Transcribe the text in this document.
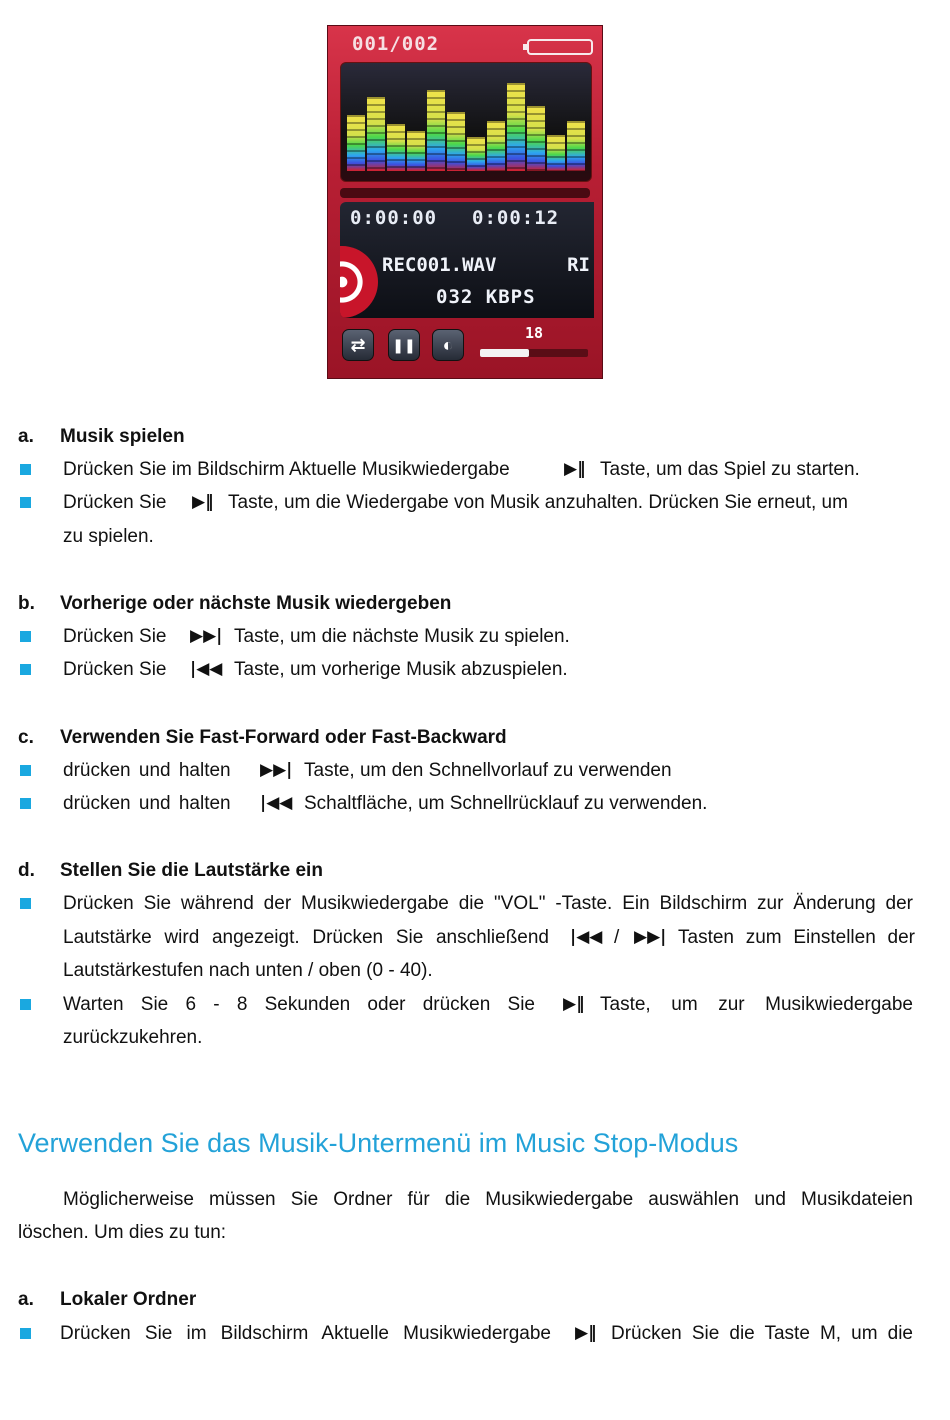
001/002
0:00:00 0:00:12
REC001.WAV	RI
032 KBPS
⇄	❚❚	◐
18
a. Musik spielen
Drücken Sie im Bildschirm Aktuelle Musikwiedergabe	▶‖ Taste, um das Spiel zu starten.
Drücken Sie ▶‖ Taste, um die Wiedergabe von Musik anzuhalten. Drücken Sie erneut, um
zu spielen.
b. Vorherige oder nächste Musik wiedergeben
Drücken Sie ▶▶| Taste, um die nächste Musik zu spielen.
Drücken Sie |◀◀ Taste, um vorherige Musik abzuspielen.
c. Verwenden Sie Fast-Forward oder Fast-Backward
drücken und halten ▶▶| Taste, um den Schnellvorlauf zu verwenden
drücken und halten |◀◀ Schaltfläche, um Schnellrücklauf zu verwenden.
d. Stellen Sie die Lautstärke ein
Drücken Sie während der Musikwiedergabe die "VOL" -Taste. Ein Bildschirm zur Änderung der
Lautstärke wird angezeigt. Drücken Sie anschließend |◀◀ / ▶▶| Tasten zum Einstellen der
Lautstärkestufen nach unten / oben (0 - 40).
Warten Sie 6 - 8 Sekunden oder drücken Sie ▶‖ Taste, um zur Musikwiedergabe
zurückzukehren.
Verwenden Sie das Musik-Untermenü im Music Stop-Modus
Möglicherweise müssen Sie Ordner für die Musikwiedergabe auswählen und Musikdateien
löschen. Um dies zu tun:
a. Lokaler Ordner
Drücken Sie im Bildschirm Aktuelle Musikwiedergabe ▶‖ Drücken Sie die Taste M, um die
